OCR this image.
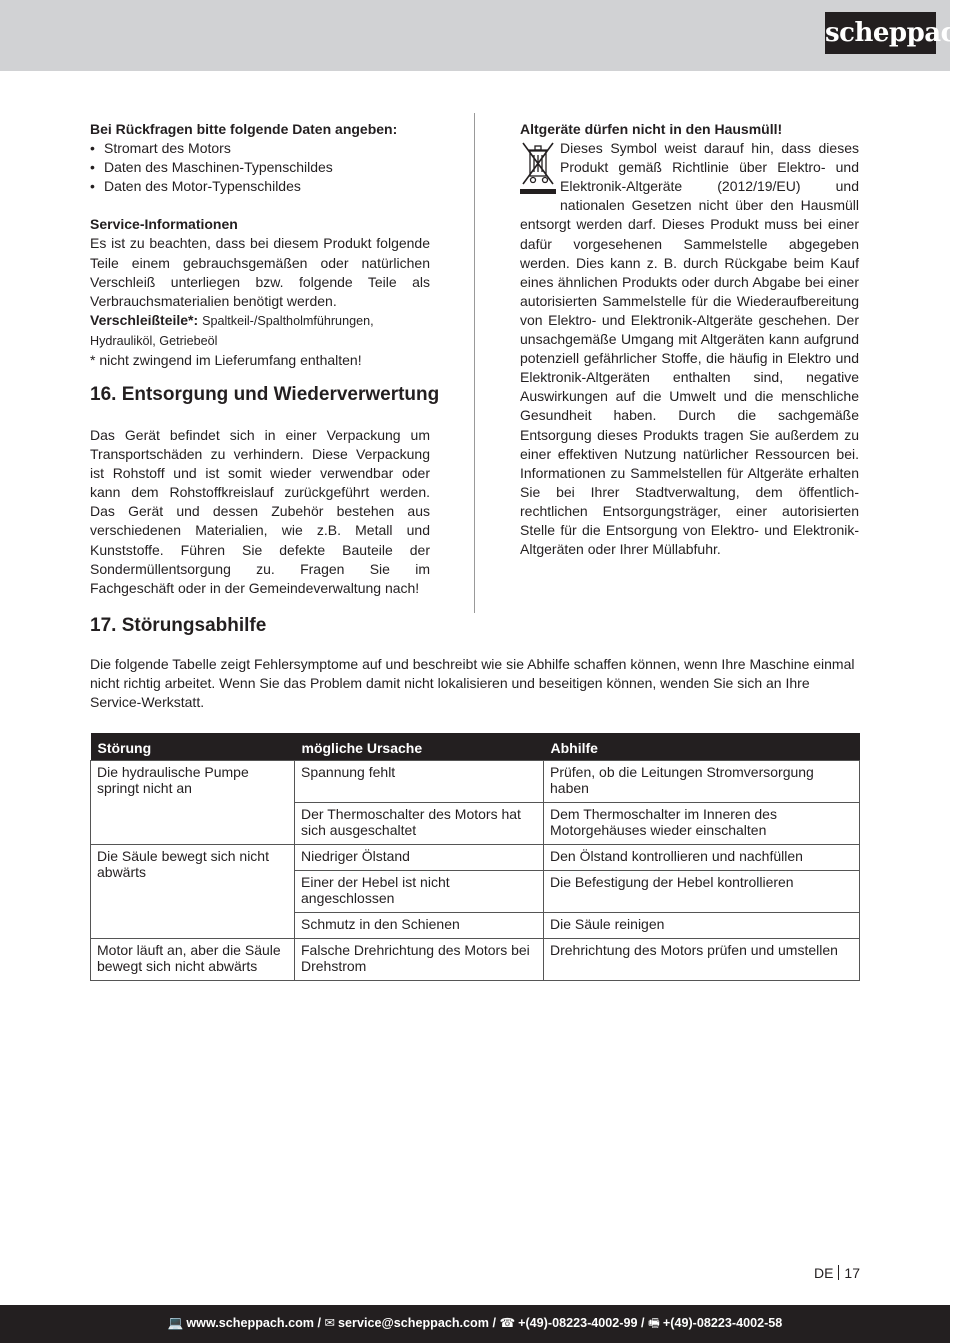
scheppach

Bei Rückfragen bitte folgende Daten angeben:

• Stromart des Motors
• Daten des Maschinen-Typenschildes
• Daten des Motor-Typenschildes

Service-Informationen

Es ist zu beachten, dass bei diesem Produkt folgende Teile einem gebrauchsgemäßen oder natürlichen Verschleiß unterliegen bzw. folgende Teile als Verbrauchsmaterialien benötigt werden.

Verschleißteile*: Spaltkeil-/Spaltholmführungen, Hydrauliköl, Getriebeöl

* nicht zwingend im Lieferumfang enthalten!

16. Entsorgung und Wiederverwertung
Das Gerät befindet sich in einer Verpackung um Transportschäden zu verhindern. Diese Verpackung ist Rohstoff und ist somit wieder verwendbar oder kann dem Rohstoffkreislauf zurückgeführt werden. Das Gerät und dessen Zubehör bestehen aus verschiedenen Materialien, wie z.B. Metall und Kunststoffe. Führen Sie defekte Bauteile der Sondermüllentsorgung zu. Fragen Sie im Fachgeschäft oder in der Gemeindeverwaltung nach!

Altgeräte dürfen nicht in den Hausmüll!

Dieses Symbol weist darauf hin, dass dieses Produkt gemäß Richtlinie über Elektro- und Elektronik-Altgeräte (2012/19/EU) und nationalen Gesetzen nicht über den Hausmüll entsorgt werden darf. Dieses Produkt muss bei einer dafür vorgesehenen Sammelstelle abgegeben werden. Dies kann z. B. durch Rückgabe beim Kauf eines ähnlichen Produkts oder durch Abgabe bei einer autorisierten Sammelstelle für die Wiederaufbereitung von Elektro- und Elektronik-Altgeräte geschehen. Der unsachgemäße Umgang mit Altgeräten kann aufgrund potenziell gefährlicher Stoffe, die häufig in Elektro und Elektronik-Altgeräten enthalten sind, negative Auswirkungen auf die Umwelt und die menschliche Gesundheit haben. Durch die sachgemäße Entsorgung dieses Produkts tragen Sie außerdem zu einer effektiven Nutzung natürlicher Ressourcen bei. Informationen zu Sammelstellen für Altgeräte erhalten Sie bei Ihrer Stadtverwaltung, dem öffentlich-rechtlichen Entsorgungsträger, einer autorisierten Stelle für die Entsorgung von Elektro- und Elektronik-Altgeräten oder Ihrer Müllabfuhr.

17. Störungsabhilfe

Die folgende Tabelle zeigt Fehlersymptome auf und beschreibt wie sie Abhilfe schaffen können, wenn Ihre Maschine einmal nicht richtig arbeitet. Wenn Sie das Problem damit nicht lokalisieren und beseitigen können, wenden Sie sich an Ihre Service-Werkstatt.

Störung	mögliche Ursache	Abhilfe
Die hydraulische Pumpe springt nicht an	Spannung fehlt	Prüfen, ob die Leitungen Stromversorgung haben
	Der Thermoschalter des Motors hat sich ausgeschaltet	Dem Thermoschalter im Inneren des Motorgehäuses wieder einschalten
Die Säule bewegt sich nicht abwärts	Niedriger Ölstand	Den Ölstand kontrollieren und nachfüllen
	Einer der Hebel ist nicht angeschlossen	Die Befestigung der Hebel kontrollieren
	Schmutz in den Schienen	Die Säule reinigen
Motor läuft an, aber die Säule bewegt sich nicht abwärts	Falsche Drehrichtung des Motors bei Drehstrom	Drehrichtung des Motors prüfen und umstellen
DE 17
💻 www.scheppach.com / ✉ service@scheppach.com / ☎ +(49)-08223-4002-99 / 🖷 +(49)-08223-4002-58
